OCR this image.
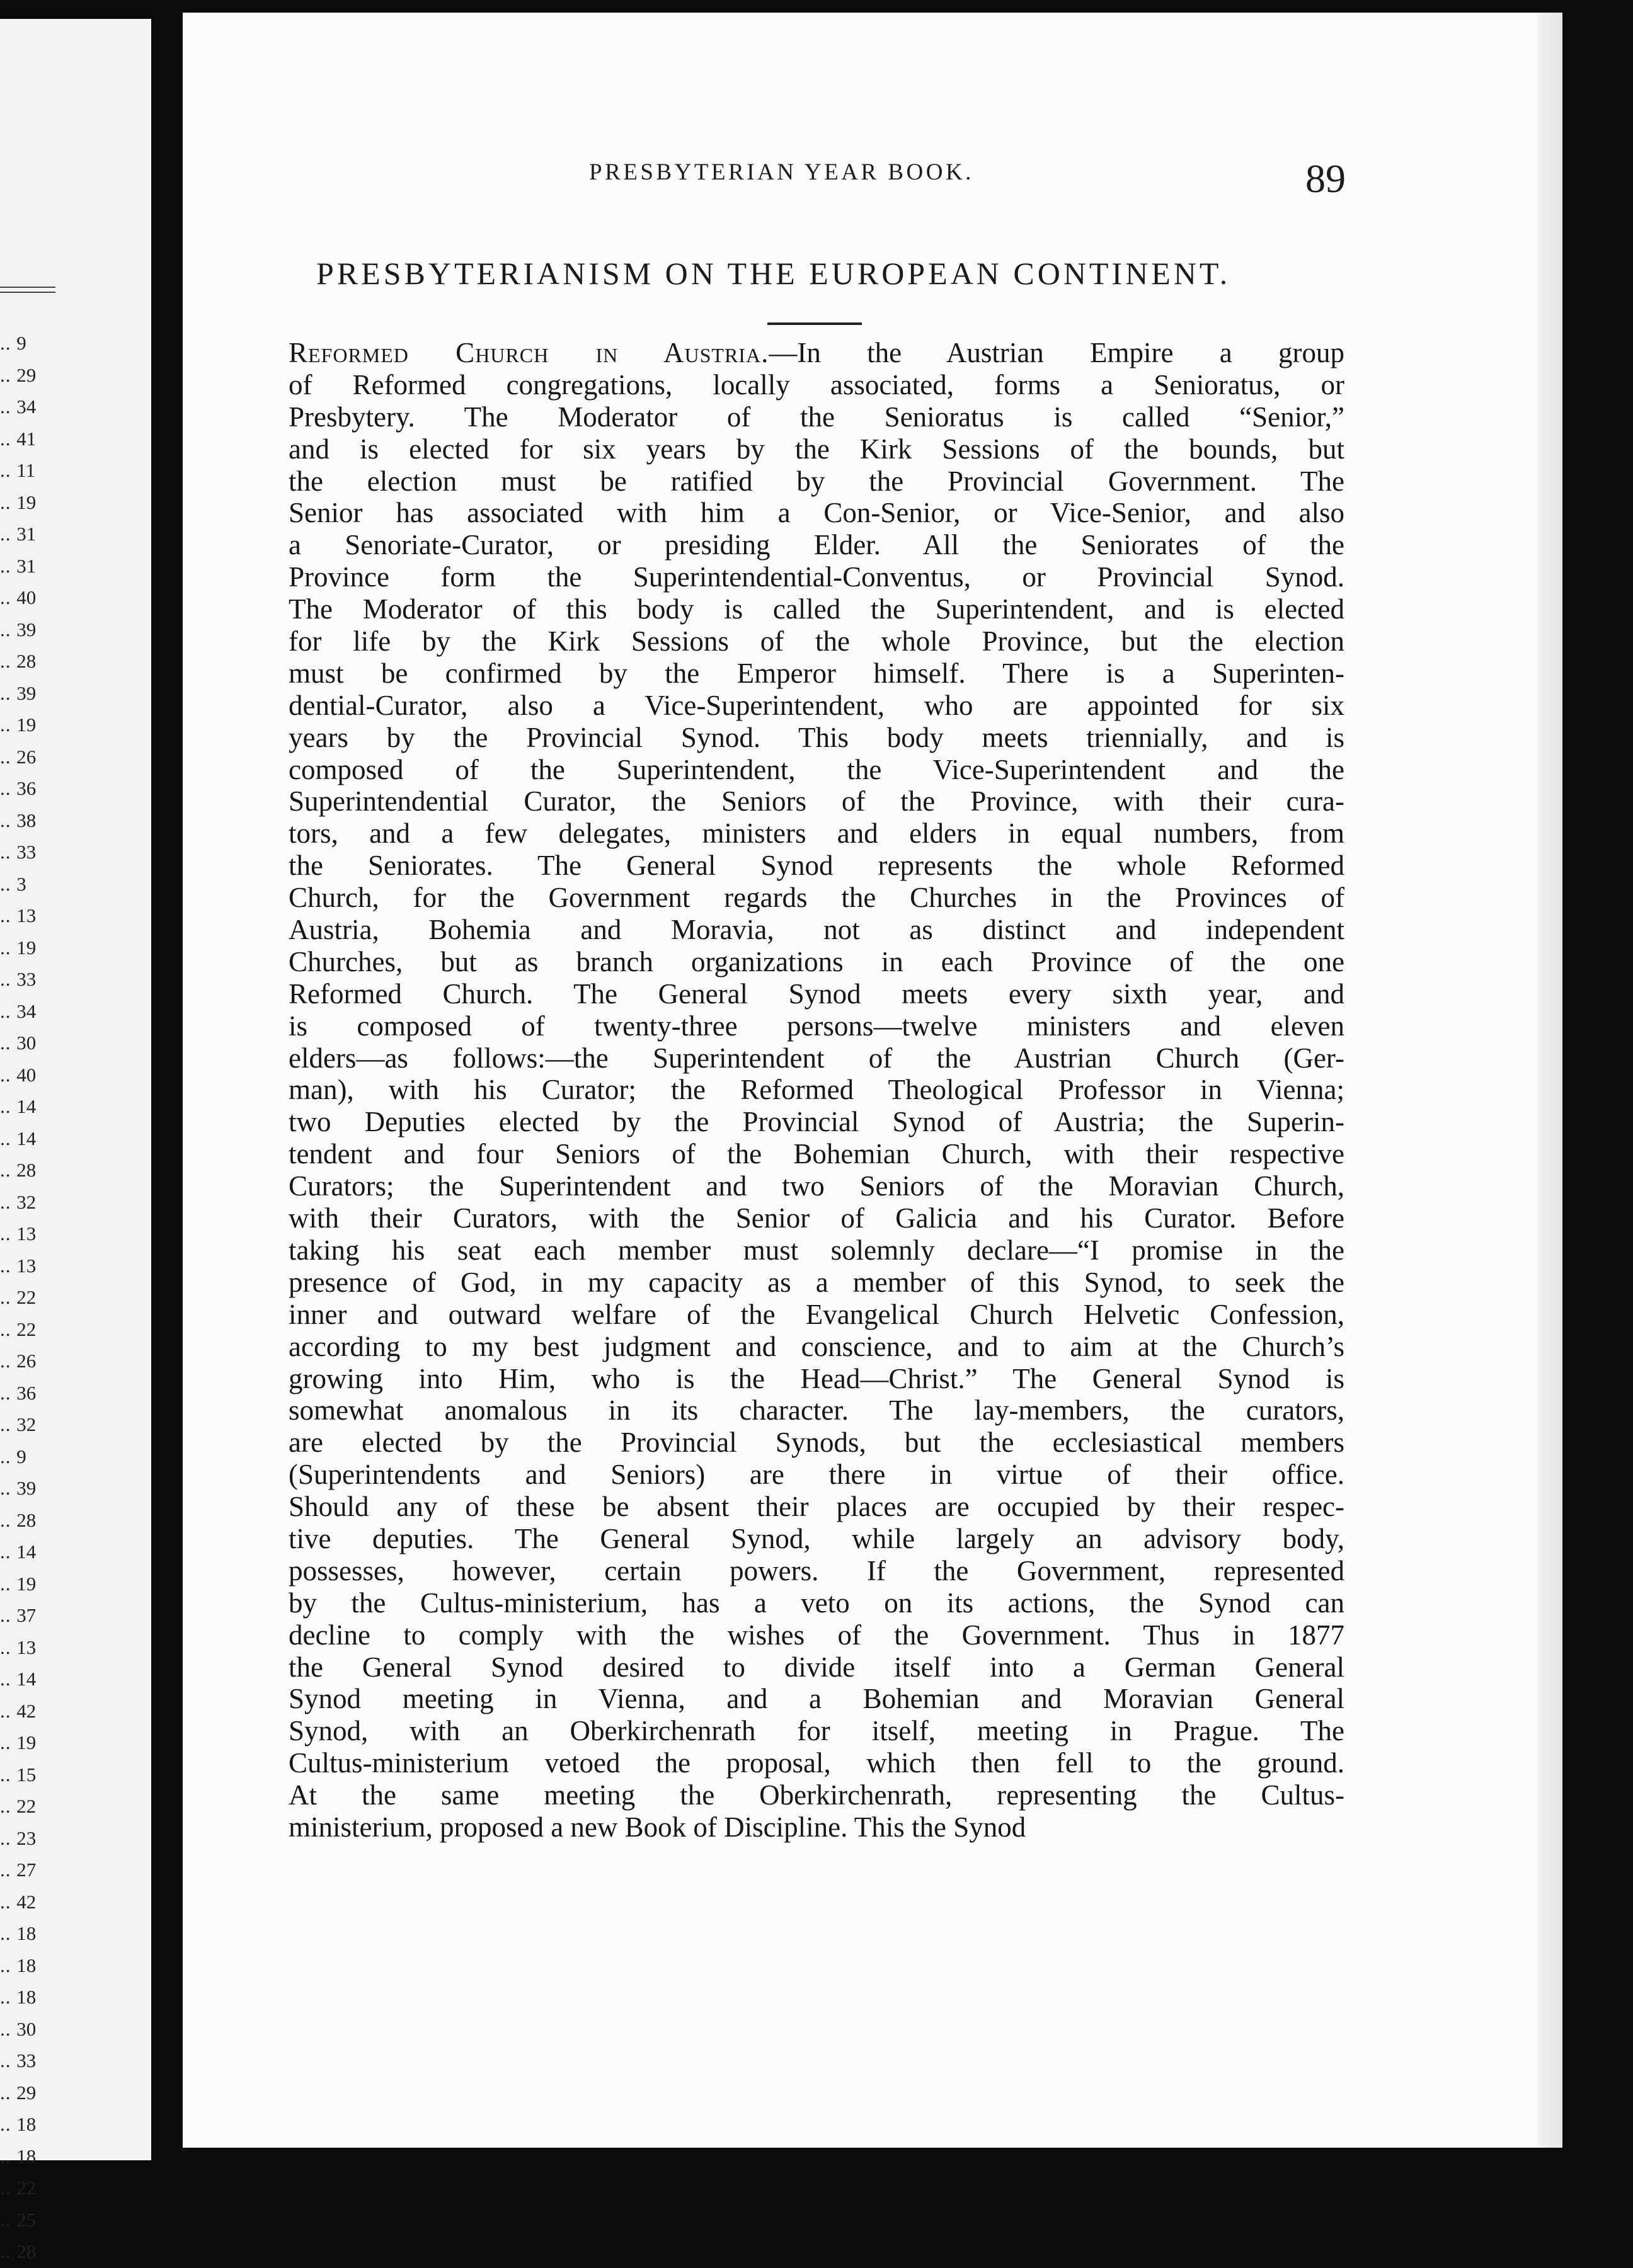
.. 9
.. 29
.. 34
.. 41
.. 11
.. 19
.. 31
.. 31
.. 40
.. 39
.. 28
.. 39
.. 19
.. 26
.. 36
.. 38
.. 33
.. 3
.. 13
.. 19
.. 33
.. 34
.. 30
.. 40
.. 14
.. 14
.. 28
.. 32
.. 13
.. 13
.. 22
.. 22
.. 26
.. 36
.. 32
.. 9
.. 39
.. 28
.. 14
.. 19
.. 37
.. 13
.. 14
.. 42
.. 19
.. 15
.. 22
.. 23
.. 27
.. 42
.. 18
.. 18
.. 18
.. 30
.. 33
.. 29
.. 18
.. 18
.. 22
.. 25
.. 28
PRESBYTERIAN YEAR BOOK.	89
PRESBYTERIANISM ON THE EUROPEAN CONTINENT.
Reformed Church in Austria.—In the Austrian Empire a group
of Reformed congregations, locally associated, forms a Senioratus, or
Presbytery. The Moderator of the Senioratus is called “Senior,”
and is elected for six years by the Kirk Sessions of the bounds, but
the election must be ratified by the Provincial Government. The
Senior has associated with him a Con-Senior, or Vice-Senior, and also
a Senoriate-Curator, or presiding Elder. All the Seniorates of the
Province form the Superintendential-Conventus, or Provincial Synod.
The Moderator of this body is called the Superintendent, and is elected
for life by the Kirk Sessions of the whole Province, but the election
must be confirmed by the Emperor himself. There is a Superinten-
dential-Curator, also a Vice-Superintendent, who are appointed for six
years by the Provincial Synod. This body meets triennially, and is
composed of the Superintendent, the Vice-Superintendent and the
Superintendential Curator, the Seniors of the Province, with their cura-
tors, and a few delegates, ministers and elders in equal numbers, from
the Seniorates. The General Synod represents the whole Reformed
Church, for the Government regards the Churches in the Provinces of
Austria, Bohemia and Moravia, not as distinct and independent
Churches, but as branch organizations in each Province of the one
Reformed Church. The General Synod meets every sixth year, and
is composed of twenty-three persons—twelve ministers and eleven
elders—as follows:—the Superintendent of the Austrian Church (Ger-
man), with his Curator; the Reformed Theological Professor in Vienna;
two Deputies elected by the Provincial Synod of Austria; the Superin-
tendent and four Seniors of the Bohemian Church, with their respective
Curators; the Superintendent and two Seniors of the Moravian Church,
with their Curators, with the Senior of Galicia and his Curator. Before
taking his seat each member must solemnly declare—“I promise in the
presence of God, in my capacity as a member of this Synod, to seek the
inner and outward welfare of the Evangelical Church Helvetic Confession,
according to my best judgment and conscience, and to aim at the Church’s
growing into Him, who is the Head—Christ.” The General Synod is
somewhat anomalous in its character. The lay-members, the curators,
are elected by the Provincial Synods, but the ecclesiastical members
(Superintendents and Seniors) are there in virtue of their office.
Should any of these be absent their places are occupied by their respec-
tive deputies. The General Synod, while largely an advisory body,
possesses, however, certain powers. If the Government, represented
by the Cultus-ministerium, has a veto on its actions, the Synod can
decline to comply with the wishes of the Government. Thus in 1877
the General Synod desired to divide itself into a German General
Synod meeting in Vienna, and a Bohemian and Moravian General
Synod, with an Oberkirchenrath for itself, meeting in Prague. The
Cultus-ministerium vetoed the proposal, which then fell to the ground.
At the same meeting the Oberkirchenrath, representing the Cultus-
ministerium, proposed a new Book of Discipline. This the Synod
